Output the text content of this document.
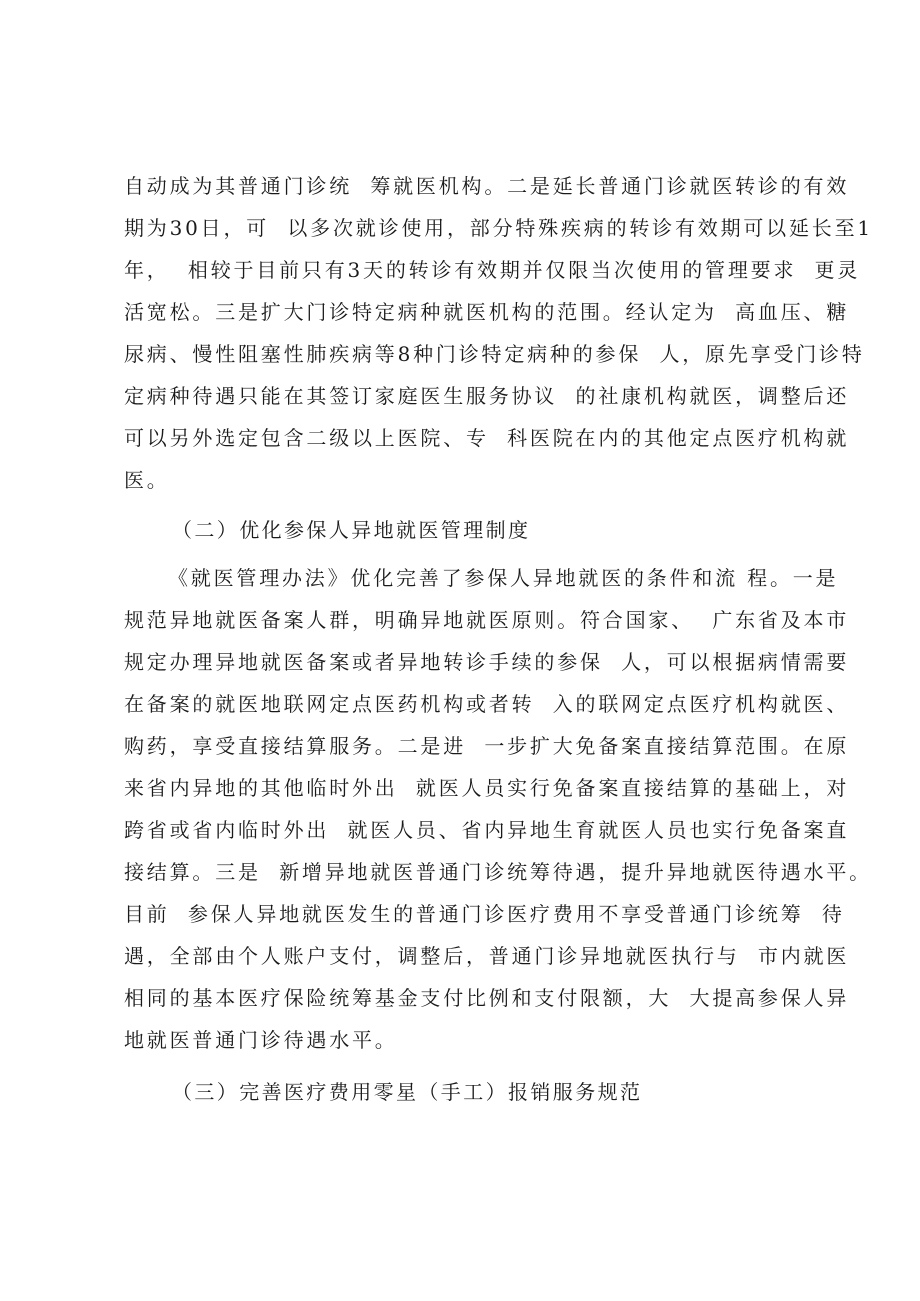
自动成为其普通门诊统  筹就医机构。二是延长普通门诊就医转诊的有效
期为30日，可  以多次就诊使用，部分特殊疾病的转诊有效期可以延长至1
年，  相较于目前只有3天的转诊有效期并仅限当次使用的管理要求  更灵
活宽松。三是扩大门诊特定病种就医机构的范围。经认定为  高血压、糖
尿病、慢性阻塞性肺疾病等8种门诊特定病种的参保  人，原先享受门诊特
定病种待遇只能在其签订家庭医生服务协议  的社康机构就医，调整后还
可以另外选定包含二级以上医院、专  科医院在内的其他定点医疗机构就
医。
（二）优化参保人异地就医管理制度
《就医管理办法》优化完善了参保人异地就医的条件和流 程。一是
规范异地就医备案人群，明确异地就医原则。符合国家、  广东省及本市
规定办理异地就医备案或者异地转诊手续的参保  人，可以根据病情需要
在备案的就医地联网定点医药机构或者转  入的联网定点医疗机构就医、
购药，享受直接结算服务。二是进  一步扩大免备案直接结算范围。在原
来省内异地的其他临时外出  就医人员实行免备案直接结算的基础上，对
跨省或省内临时外出  就医人员、省内异地生育就医人员也实行免备案直
接结算。三是  新增异地就医普通门诊统筹待遇，提升异地就医待遇水平。
目前  参保人异地就医发生的普通门诊医疗费用不享受普通门诊统筹  待
遇，全部由个人账户支付，调整后，普通门诊异地就医执行与  市内就医
相同的基本医疗保险统筹基金支付比例和支付限额，大  大提高参保人异
地就医普通门诊待遇水平。
（三）完善医疗费用零星（手工）报销服务规范
